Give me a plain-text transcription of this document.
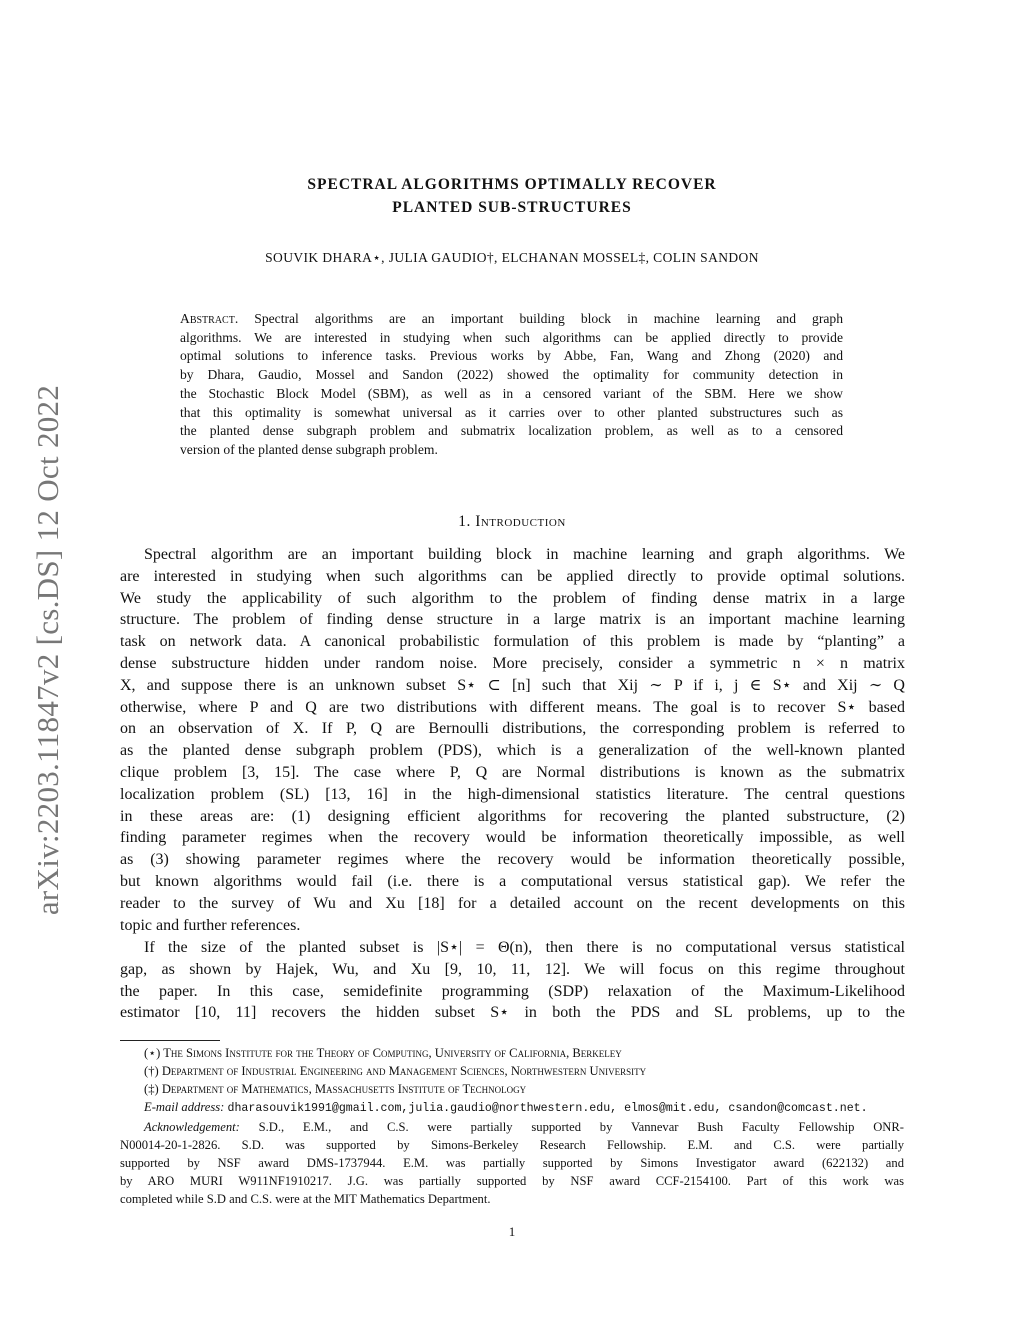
arXiv:2203.11847v2 [cs.DS] 12 Oct 2022
SPECTRAL ALGORITHMS OPTIMALLY RECOVER
PLANTED SUB-STRUCTURES
SOUVIK DHARA⋆, JULIA GAUDIO†, ELCHANAN MOSSEL‡, COLIN SANDON
Abstract. Spectral algorithms are an important building block in machine learning and graph
algorithms. We are interested in studying when such algorithms can be applied directly to provide
optimal solutions to inference tasks. Previous works by Abbe, Fan, Wang and Zhong (2020) and
by Dhara, Gaudio, Mossel and Sandon (2022) showed the optimality for community detection in
the Stochastic Block Model (SBM), as well as in a censored variant of the SBM. Here we show
that this optimality is somewhat universal as it carries over to other planted substructures such as
the planted dense subgraph problem and submatrix localization problem, as well as to a censored
version of the planted dense subgraph problem.
1. Introduction
Spectral algorithm are an important building block in machine learning and graph algorithms. We
are interested in studying when such algorithms can be applied directly to provide optimal solutions.
We study the applicability of such algorithm to the problem of finding dense matrix in a large
structure. The problem of finding dense structure in a large matrix is an important machine learning
task on network data. A canonical probabilistic formulation of this problem is made by “planting” a
dense substructure hidden under random noise. More precisely, consider a symmetric n × n matrix
X, and suppose there is an unknown subset S⋆ ⊂ [n] such that Xij ∼ P if i, j ∈ S⋆ and Xij ∼ Q
otherwise, where P and Q are two distributions with different means. The goal is to recover S⋆ based
on an observation of X. If P, Q are Bernoulli distributions, the corresponding problem is referred to
as the planted dense subgraph problem (PDS), which is a generalization of the well-known planted
clique problem [3, 15]. The case where P, Q are Normal distributions is known as the submatrix
localization problem (SL) [13, 16] in the high-dimensional statistics literature. The central questions
in these areas are: (1) designing efficient algorithms for recovering the planted substructure, (2)
finding parameter regimes when the recovery would be information theoretically impossible, as well
as (3) showing parameter regimes where the recovery would be information theoretically possible,
but known algorithms would fail (i.e. there is a computational versus statistical gap). We refer the
reader to the survey of Wu and Xu [18] for a detailed account on the recent developments on this
topic and further references.
If the size of the planted subset is |S⋆| = Θ(n), then there is no computational versus statistical
gap, as shown by Hajek, Wu, and Xu [9, 10, 11, 12]. We will focus on this regime throughout
the paper. In this case, semidefinite programming (SDP) relaxation of the Maximum-Likelihood
estimator [10, 11] recovers the hidden subset S⋆ in both the PDS and SL problems, up to the
(⋆) The Simons Institute for the Theory of Computing, University of California, Berkeley
(†) Department of Industrial Engineering and Management Sciences, Northwestern University
(‡) Department of Mathematics, Massachusetts Institute of Technology
E-mail address: dharasouvik1991@gmail.com,julia.gaudio@northwestern.edu, elmos@mit.edu, csandon@comcast.net.
Acknowledgement: S.D., E.M., and C.S. were partially supported by Vannevar Bush Faculty Fellowship ONR-
N00014-20-1-2826. S.D. was supported by Simons-Berkeley Research Fellowship. E.M. and C.S. were partially
supported by NSF award DMS-1737944. E.M. was partially supported by Simons Investigator award (622132) and
by ARO MURI W911NF1910217. J.G. was partially supported by NSF award CCF-2154100. Part of this work was
completed while S.D and C.S. were at the MIT Mathematics Department.
1
